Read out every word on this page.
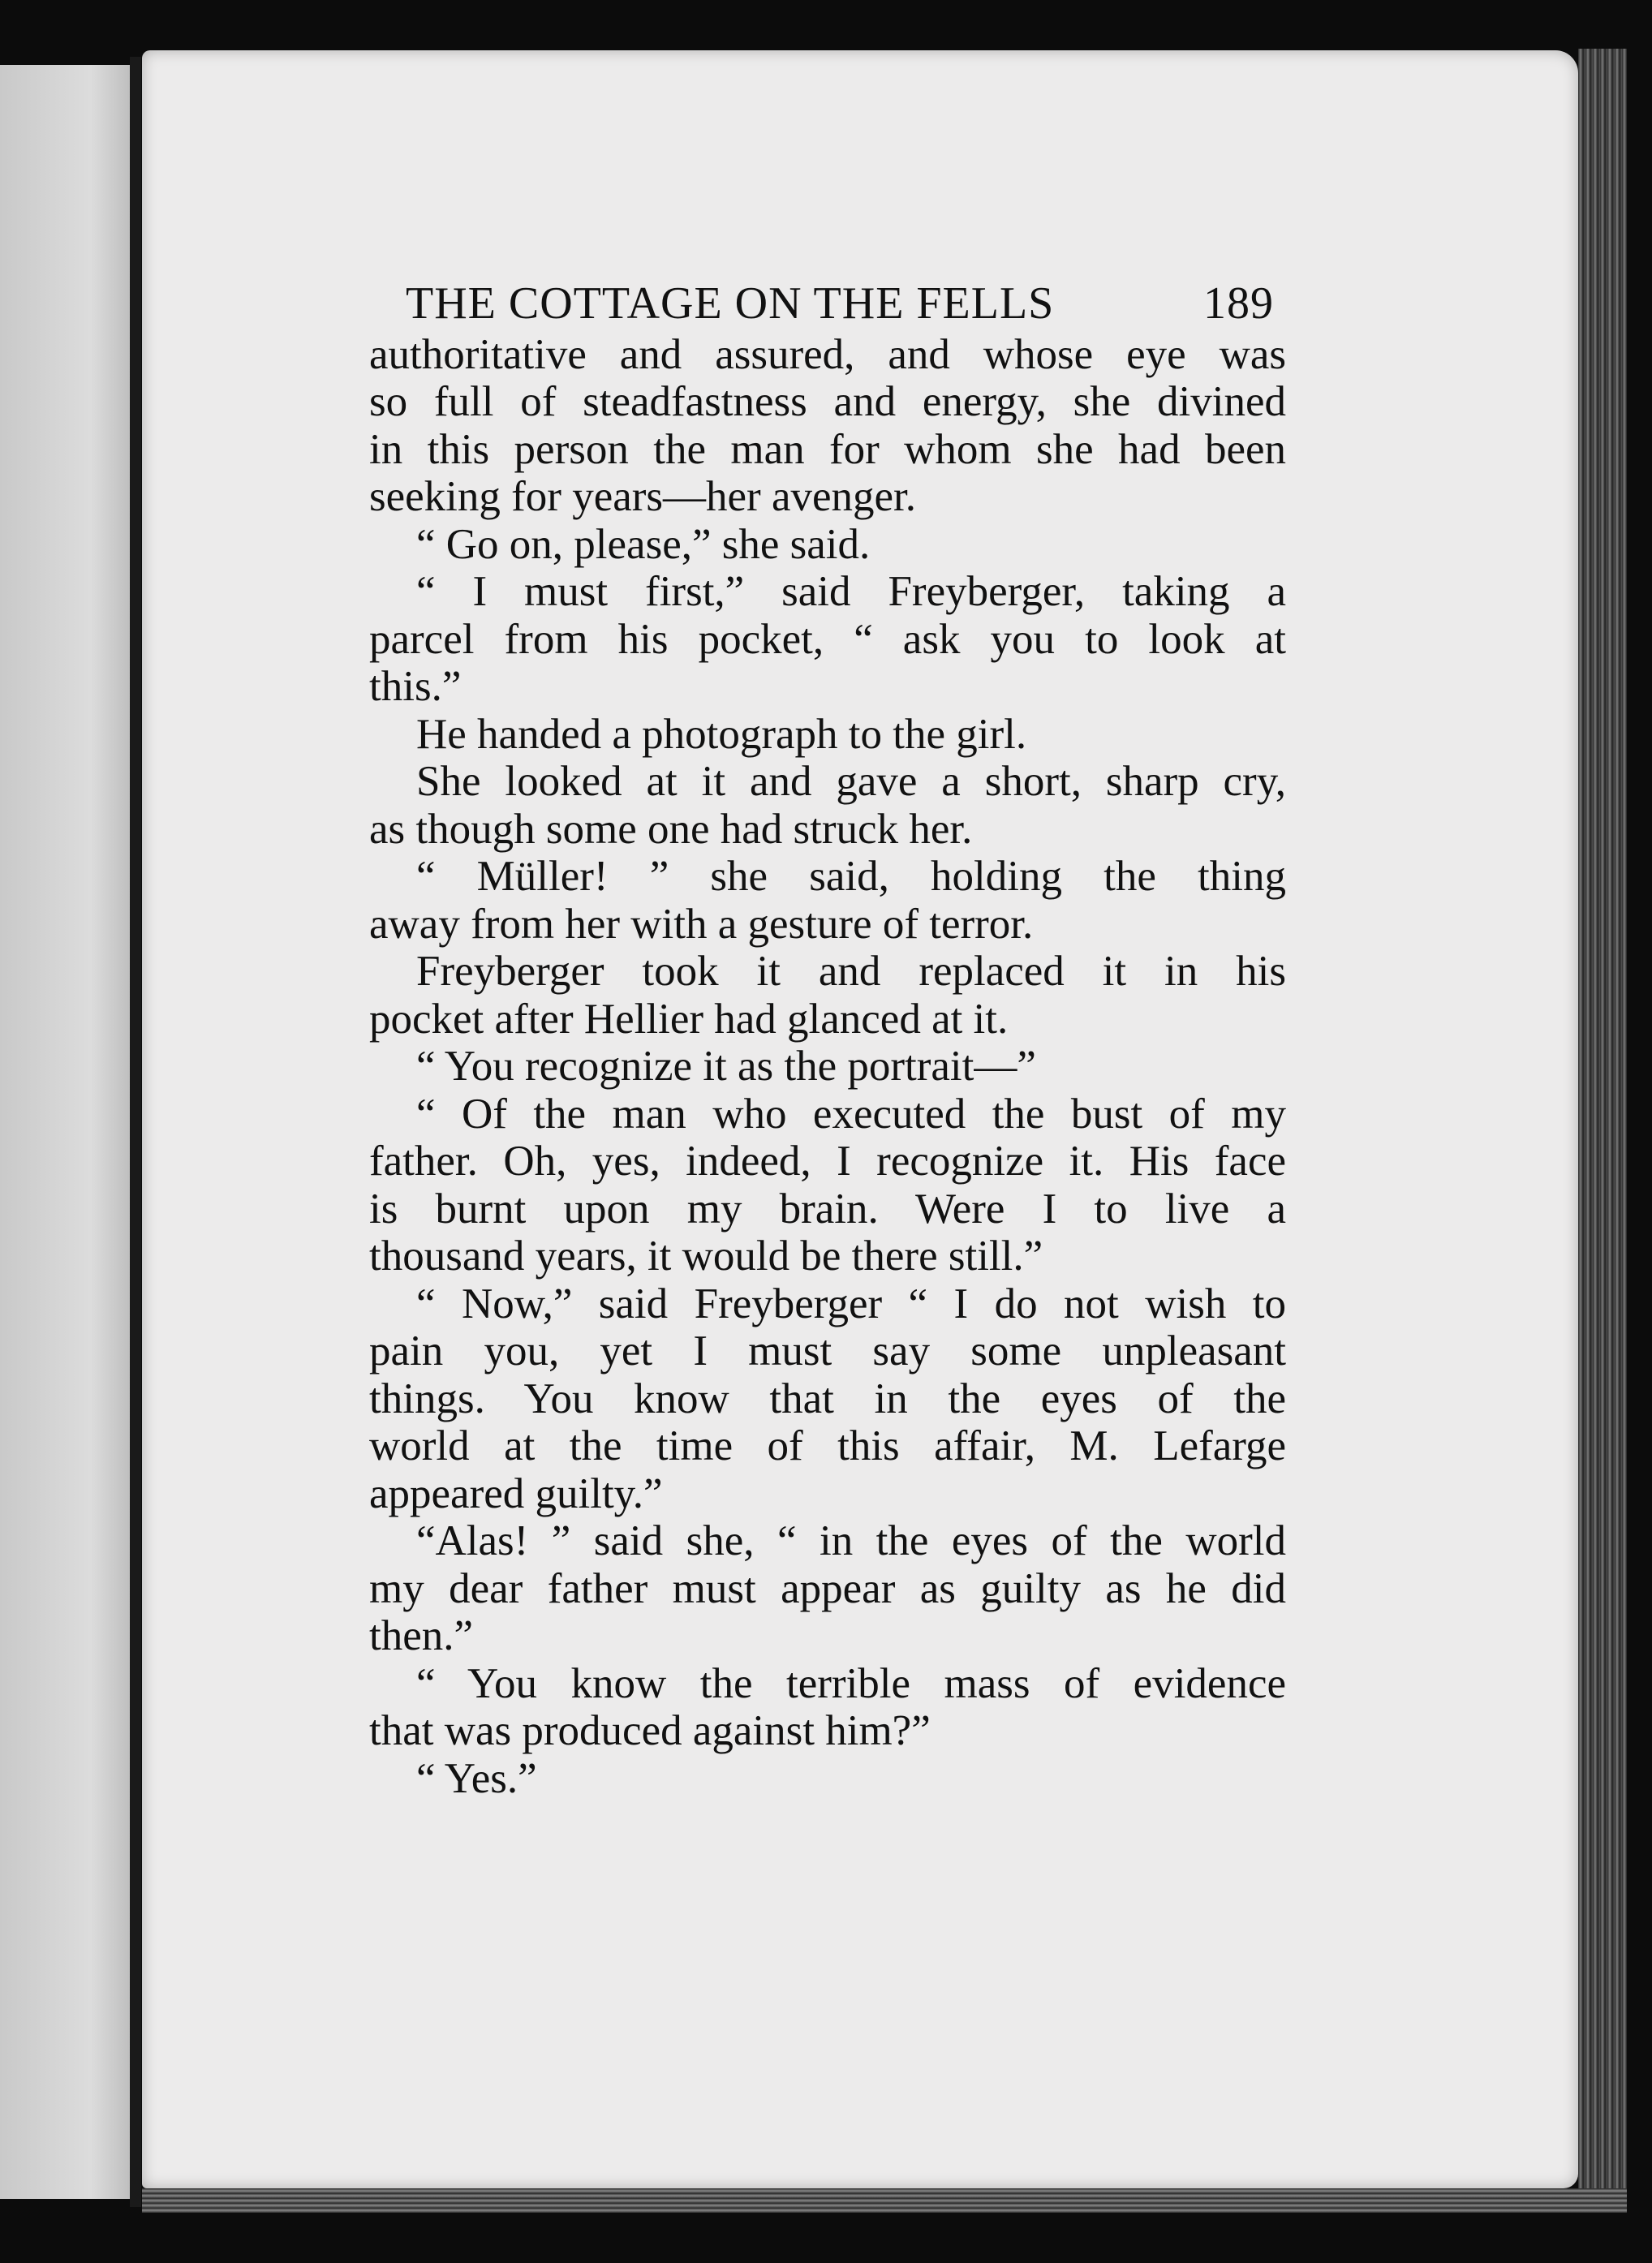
THE COTTAGE ON THE FELLS	189
authoritative and assured, and whose eye was
so full of steadfastness and energy, she divined
in this person the man for whom she had been
seeking for years—her avenger.
“ Go on, please,” she said.
“ I must first,” said Freyberger, taking a
parcel from his pocket, “ ask you to look at
this.”
He handed a photograph to the girl.
She looked at it and gave a short, sharp cry,
as though some one had struck her.
“ Müller! ” she said, holding the thing
away from her with a gesture of terror.
Freyberger took it and replaced it in his
pocket after Hellier had glanced at it.
“ You recognize it as the portrait—”
“ Of the man who executed the bust of my
father. Oh, yes, indeed, I recognize it. His face
is burnt upon my brain. Were I to live a
thousand years, it would be there still.”
“ Now,” said Freyberger “ I do not wish to
pain you, yet I must say some unpleasant
things. You know that in the eyes of the
world at the time of this affair, M. Lefarge
appeared guilty.”
“Alas! ” said she, “ in the eyes of the world
my dear father must appear as guilty as he did
then.”
“ You know the terrible mass of evidence
that was produced against him?”
“ Yes.”
